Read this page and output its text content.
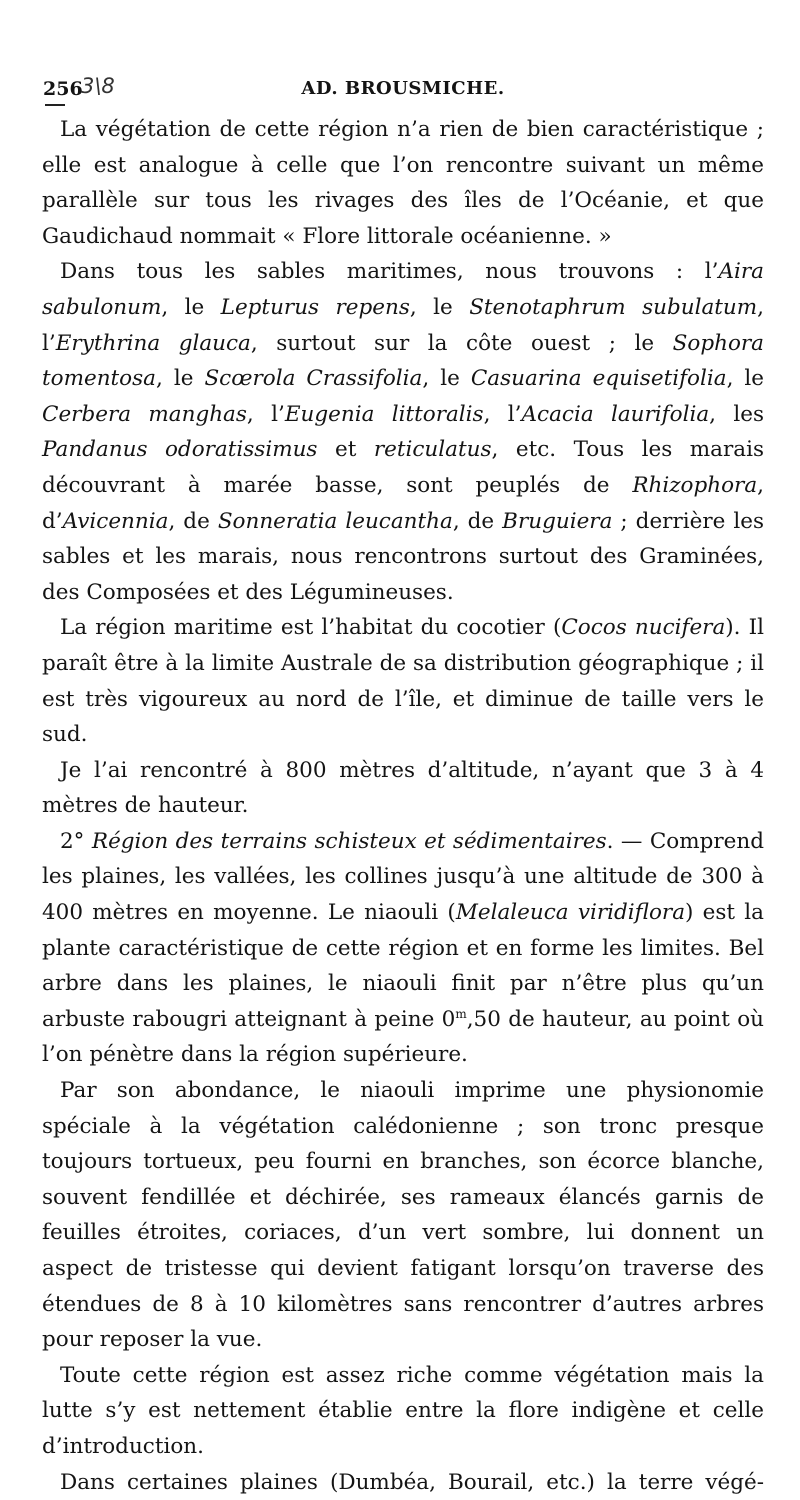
256
3\8	AD. BROUSMICHE.

La végétation de cette région n’a rien de bien caractéristique ; elle est analogue à celle que l’on rencontre suivant un même parallèle sur tous les rivages des îles de l’Océanie, et que Gaudichaud nommait « Flore littorale océanienne. »

Dans tous les sables maritimes, nous trouvons : l’Aira sabulonum, le Lepturus repens, le Stenotaphrum subulatum, l’Erythrina glauca, surtout sur la côte ouest ; le Sophora tomentosa, le Scœrola Crassifolia, le Casuarina equisetifolia, le Cerbera manghas, l’Eugenia littoralis, l’Acacia laurifolia, les Pandanus odoratissimus et reticulatus, etc. Tous les marais découvrant à marée basse, sont peuplés de Rhizophora, d’Avicennia, de Sonneratia leucantha, de Bruguiera ; derrière les sables et les marais, nous rencontrons surtout des Graminées, des Composées et des Légumineuses.

La région maritime est l’habitat du cocotier (Cocos nucifera). Il paraît être à la limite Australe de sa distribution géographique ; il est très vigoureux au nord de l’île, et diminue de taille vers le sud.

Je l’ai rencontré à 800 mètres d’altitude, n’ayant que 3 à 4 mètres de hauteur.

2° Région des terrains schisteux et sédimentaires. — Comprend les plaines, les vallées, les collines jusqu’à une altitude de 300 à 400 mètres en moyenne. Le niaouli (Melaleuca viridiflora) est la plante caractéristique de cette région et en forme les limites. Bel arbre dans les plaines, le niaouli finit par n’être plus qu’un arbuste rabougri atteignant à peine 0$^m$,50 de hauteur, au point où l’on pénètre dans la région supérieure.

Par son abondance, le niaouli imprime une physionomie spéciale à la végétation calédonienne ; son tronc presque toujours tortueux, peu fourni en branches, son écorce blanche, souvent fendillée et déchirée, ses rameaux élancés garnis de feuilles étroites, coriaces, d’un vert sombre, lui donnent un aspect de tristesse qui devient fatigant lorsqu’on traverse des étendues de 8 à 10 kilomètres sans rencontrer d’autres arbres pour reposer la vue.

Toute cette région est assez riche comme végétation mais la lutte s’y est nettement établie entre la flore indigène et celle d’introduction.

Dans certaines plaines (Dumbéa, Bourail, etc.) la terre végé-
